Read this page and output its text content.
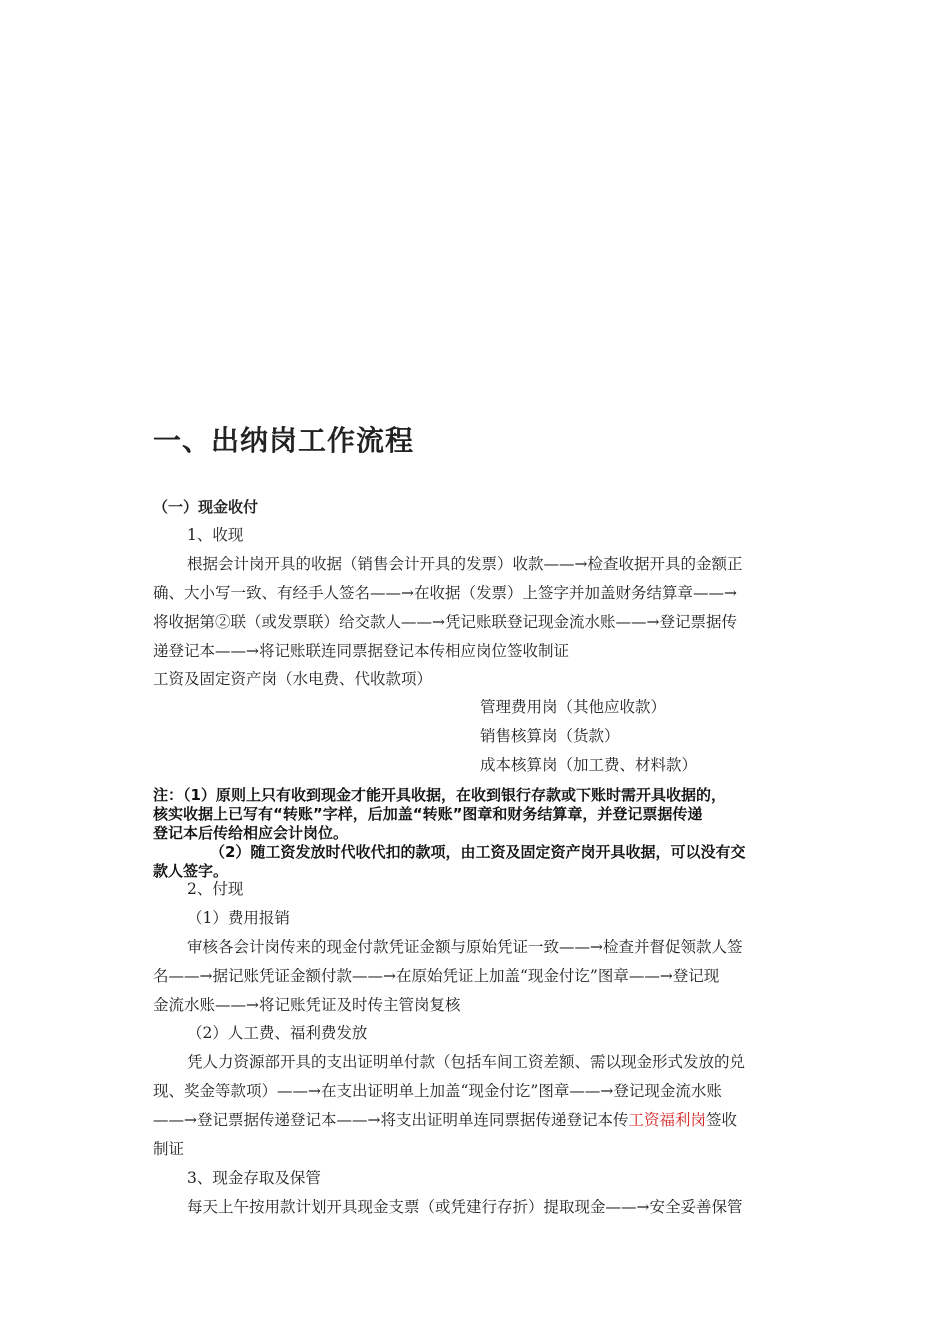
一、出纳岗工作流程
（一）现金收付
1、收现
根据会计岗开具的收据（销售会计开具的发票）收款——→检查收据开具的金额正
确、大小写一致、有经手人签名——→在收据（发票）上签字并加盖财务结算章——→
将收据第②联（或发票联）给交款人——→凭记账联登记现金流水账——→登记票据传
递登记本——→将记账联连同票据登记本传相应岗位签收制证
工资及固定资产岗（水电费、代收款项）
管理费用岗（其他应收款）
销售核算岗（货款）
成本核算岗（加工费、材料款）
注：（1）原则上只有收到现金才能开具收据，在收到银行存款或下账时需开具收据的，
核实收据上已写有“转账”字样，后加盖“转账”图章和财务结算章，并登记票据传递
登记本后传给相应会计岗位。
（2）随工资发放时代收代扣的款项，由工资及固定资产岗开具收据，可以没有交
款人签字。
2、付现
（1）费用报销
审核各会计岗传来的现金付款凭证金额与原始凭证一致——→检查并督促领款人签
名——→据记账凭证金额付款——→在原始凭证上加盖“现金付讫”图章——→登记现
金流水账——→将记账凭证及时传主管岗复核
（2）人工费、福利费发放
凭人力资源部开具的支出证明单付款（包括车间工资差额、需以现金形式发放的兑
现、奖金等款项）——→在支出证明单上加盖“现金付讫”图章——→登记现金流水账
——→登记票据传递登记本——→将支出证明单连同票据传递登记本传工资福利岗签收
制证
3、现金存取及保管
每天上午按用款计划开具现金支票（或凭建行存折）提取现金——→安全妥善保管
